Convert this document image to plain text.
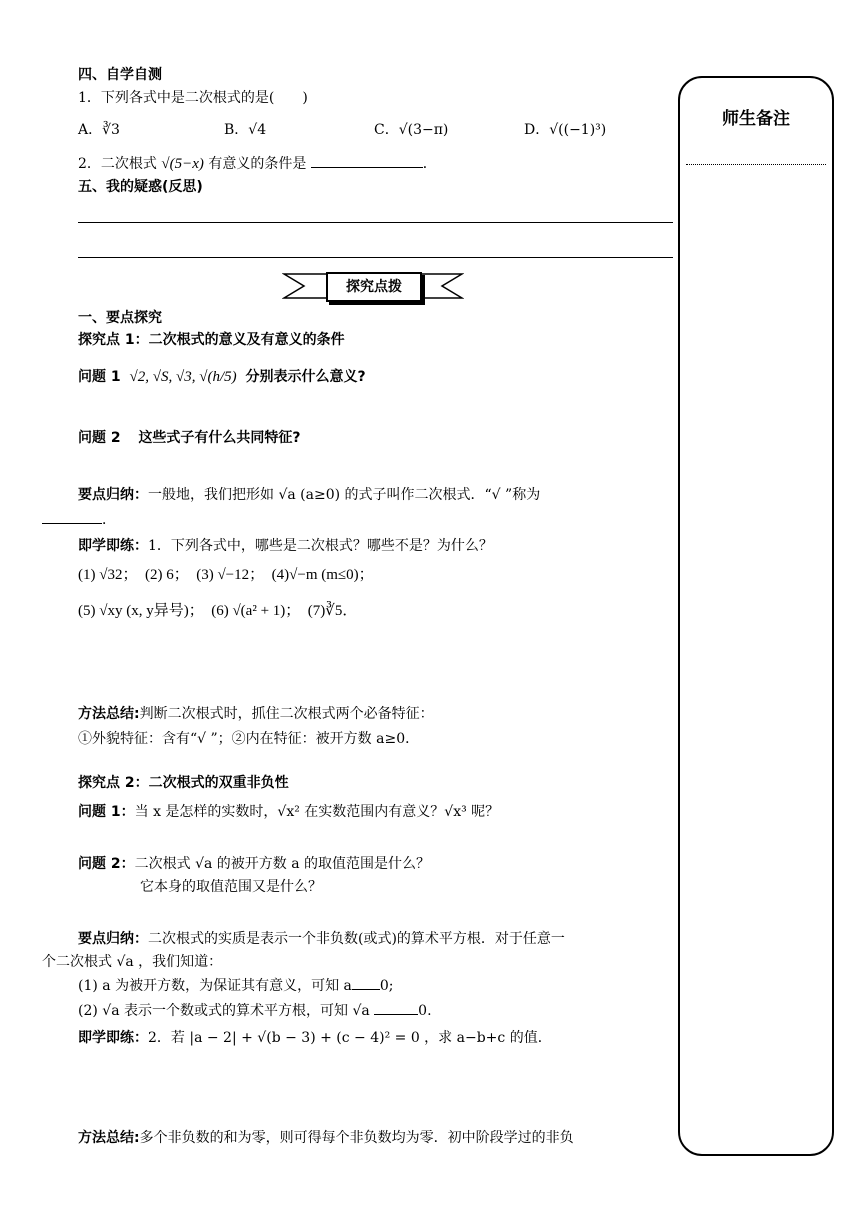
师生备注
四、自学自测
1．下列各式中是二次根式的是(　　)
A．∛3	B．√4	C．√(3−π)	D．√((−1)³)
2．二次根式 √(5−x) 有意义的条件是	．
五、我的疑惑(反思)
探究点拨
一、要点探究
探究点 1：二次根式的意义及有意义的条件
问题 1 √2, √S, √3, √(h/5) 分别表示什么意义?
问题 2 这些式子有什么共同特征?
要点归纳：一般地，我们把形如 √a (a≥0) 的式子叫作二次根式．“√ ”称为
．
即学即练：1．下列各式中，哪些是二次根式？哪些不是？为什么？
(1) √32；　(2) 6；　(3) √−12；　(4)√−m (m≤0)；
(5) √xy (x, y异号)；　(6) √(a² + 1)；　(7)∛5．
方法总结:判断二次根式时，抓住二次根式两个必备特征：
①外貌特征：含有“√ ”；②内在特征：被开方数 a≥0．
探究点 2：二次根式的双重非负性
问题 1：当 x 是怎样的实数时，√x² 在实数范围内有意义？√x³ 呢？
问题 2：二次根式 √a 的被开方数 a 的取值范围是什么？
它本身的取值范围又是什么？
要点归纳：二次根式的实质是表示一个非负数(或式)的算术平方根．对于任意一
个二次根式 √a ，我们知道：
(1) a 为被开方数，为保证其有意义，可知 a 0;
(2) √a 表示一个数或式的算术平方根，可知 √a	0.
即学即练：2．若 |a − 2| + √(b − 3) + (c − 4)² = 0 ，求 a−b+c 的值．
方法总结:多个非负数的和为零，则可得每个非负数均为零．初中阶段学过的非负
